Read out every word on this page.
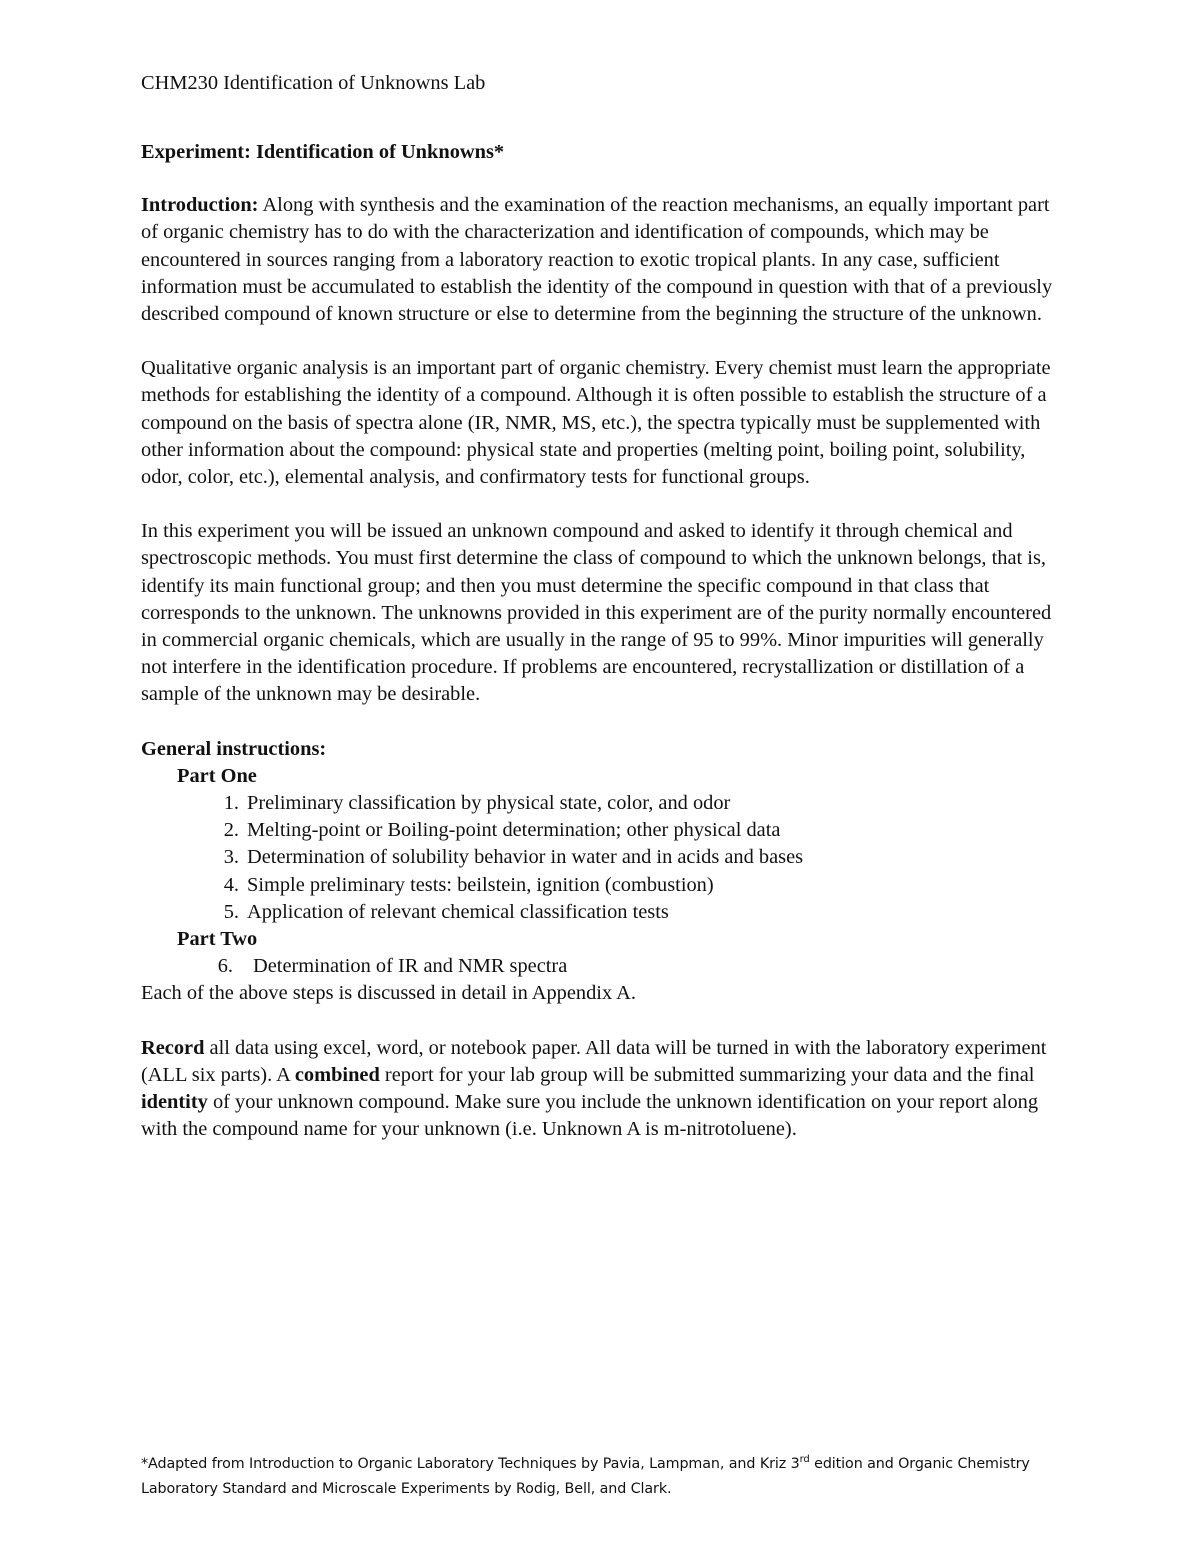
CHM230 Identification of Unknowns Lab

Experiment: Identification of Unknowns*

Introduction: Along with synthesis and the examination of the reaction mechanisms, an equally important part of organic chemistry has to do with the characterization and identification of compounds, which may be encountered in sources ranging from a laboratory reaction to exotic tropical plants. In any case, sufficient information must be accumulated to establish the identity of the compound in question with that of a previously described compound of known structure or else to determine from the beginning the structure of the unknown.

Qualitative organic analysis is an important part of organic chemistry. Every chemist must learn the appropriate methods for establishing the identity of a compound. Although it is often possible to establish the structure of a compound on the basis of spectra alone (IR, NMR, MS, etc.), the spectra typically must be supplemented with other information about the compound: physical state and properties (melting point, boiling point, solubility, odor, color, etc.), elemental analysis, and confirmatory tests for functional groups.

In this experiment you will be issued an unknown compound and asked to identify it through chemical and spectroscopic methods. You must first determine the class of compound to which the unknown belongs, that is, identify its main functional group; and then you must determine the specific compound in that class that corresponds to the unknown. The unknowns provided in this experiment are of the purity normally encountered in commercial organic chemicals, which are usually in the range of 95 to 99%. Minor impurities will generally not interfere in the identification procedure. If problems are encountered, recrystallization or distillation of a sample of the unknown may be desirable.

General instructions:

Part One

1. Preliminary classification by physical state, color, and odor
2. Melting-point or Boiling-point determination; other physical data
3. Determination of solubility behavior in water and in acids and bases
4. Simple preliminary tests: beilstein, ignition (combustion)
5. Application of relevant chemical classification tests

Part Two

6. Determination of IR and NMR spectra

Each of the above steps is discussed in detail in Appendix A.

Record all data using excel, word, or notebook paper. All data will be turned in with the laboratory experiment (ALL six parts). A combined report for your lab group will be submitted summarizing your data and the final identity of your unknown compound. Make sure you include the unknown identification on your report along with the compound name for your unknown (i.e. Unknown A is m-nitrotoluene).

*Adapted from Introduction to Organic Laboratory Techniques by Pavia, Lampman, and Kriz 3rd edition and Organic Chemistry Laboratory Standard and Microscale Experiments by Rodig, Bell, and Clark.
